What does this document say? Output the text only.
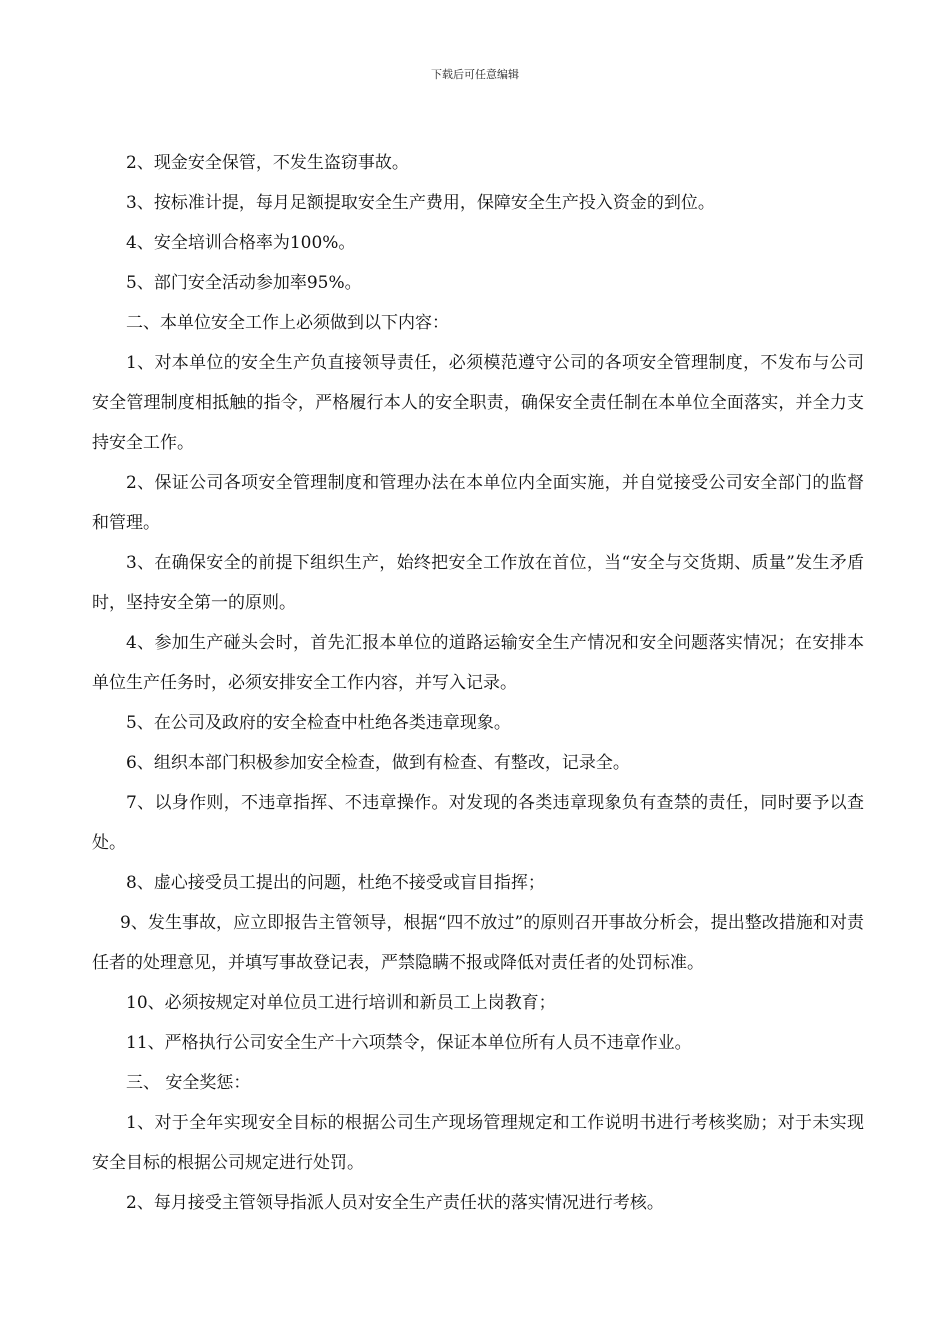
下载后可任意编辑

2、现金安全保管，不发生盗窃事故。

3、按标准计提，每月足额提取安全生产费用，保障安全生产投入资金的到位。

4、安全培训合格率为100%。

5、部门安全活动参加率95%。

二、本单位安全工作上必须做到以下内容：

1、对本单位的安全生产负直接领导责任，必须模范遵守公司的各项安全管理制度，不发布与公司安全管理制度相抵触的指令，严格履行本人的安全职责，确保安全责任制在本单位全面落实，并全力支持安全工作。

2、保证公司各项安全管理制度和管理办法在本单位内全面实施，并自觉接受公司安全部门的监督和管理。

3、在确保安全的前提下组织生产，始终把安全工作放在首位，当“安全与交货期、质量”发生矛盾时，坚持安全第一的原则。

4、参加生产碰头会时，首先汇报本单位的道路运输安全生产情况和安全问题落实情况；在安排本单位生产任务时，必须安排安全工作内容，并写入记录。

5、在公司及政府的安全检查中杜绝各类违章现象。

6、组织本部门积极参加安全检查，做到有检查、有整改，记录全。

7、以身作则，不违章指挥、不违章操作。对发现的各类违章现象负有查禁的责任，同时要予以查处。

8、虚心接受员工提出的问题，杜绝不接受或盲目指挥；

9、发生事故，应立即报告主管领导，根据“四不放过”的原则召开事故分析会，提出整改措施和对责任者的处理意见，并填写事故登记表，严禁隐瞒不报或降低对责任者的处罚标准。

10、必须按规定对单位员工进行培训和新员工上岗教育；

11、严格执行公司安全生产十六项禁令，保证本单位所有人员不违章作业。

三、 安全奖惩：

1、对于全年实现安全目标的根据公司生产现场管理规定和工作说明书进行考核奖励；对于未实现安全目标的根据公司规定进行处罚。

2、每月接受主管领导指派人员对安全生产责任状的落实情况进行考核。
